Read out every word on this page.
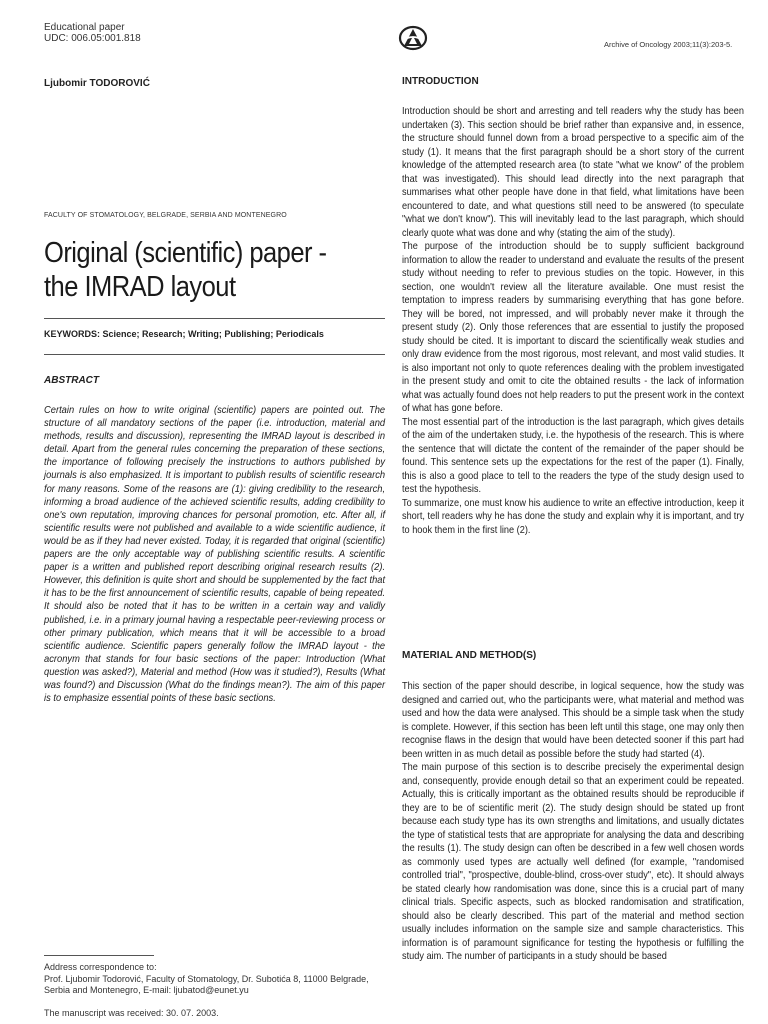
Educational paper
UDC: 006.05:001.818
Archive of Oncology 2003;11(3):203-5.
Ljubomir TODOROVIĆ
FACULTY OF STOMATOLOGY, BELGRADE, SERBIA AND MONTENEGRO
Original (scientific) paper - the IMRAD layout
KEYWORDS: Science; Research; Writing; Publishing; Periodicals
ABSTRACT
Certain rules on how to write original (scientific) papers are pointed out. The structure of all mandatory sections of the paper (i.e. introduction, material and methods, results and discussion), representing the IMRAD layout is described in detail. Apart from the general rules concerning the preparation of these sections, the importance of following precisely the instructions to authors published by journals is also emphasized. It is important to publish results of scientific research for many reasons. Some of the reasons are (1): giving credibility to the research, informing a broad audience of the achieved scientific results, adding credibility to one's own reputation, improving chances for personal promotion, etc. After all, if scientific results were not published and available to a wide scientific audience, it would be as if they had never existed. Today, it is regarded that original (scientific) papers are the only acceptable way of publishing scientific results. A scientific paper is a written and published report describing original research results (2). However, this definition is quite short and should be supplemented by the fact that it has to be the first announcement of scientific results, capable of being repeated. It should also be noted that it has to be written in a certain way and validly published, i.e. in a primary journal having a respectable peer-reviewing process or other primary publication, which means that it will be accessible to a broad scientific audience. Scientific papers generally follow the IMRAD layout - the acronym that stands for four basic sections of the paper: Introduction (What question was asked?), Material and method (How was it studied?), Results (What was found?) and Discussion (What do the findings mean?). The aim of this paper is to emphasize essential points of these basic sections.
Address correspondence to:
Prof. Ljubomir Todorović, Faculty of Stomatology, Dr. Subotića 8, 11000 Belgrade, Serbia and Montenegro, E-mail: ljubatod@eunet.yu
The manuscript was received: 30. 07. 2003.
INTRODUCTION

Introduction should be short and arresting and tell readers why the study has been undertaken (3). This section should be brief rather than expansive and, in essence, the structure should funnel down from a broad perspective to a specific aim of the study (1). It means that the first paragraph should be a short story of the current knowledge of the attempted research area (to state "what we know" of the problem that was investigated). This should lead directly into the next paragraph that summarises what other people have done in that field, what limitations have been encountered to date, and what questions still need to be answered (to speculate "what we don't know"). This will inevitably lead to the last paragraph, which should clearly quote what was done and why (stating the aim of the study).

The purpose of the introduction should be to supply sufficient background information to allow the reader to understand and evaluate the results of the present study without needing to refer to previous studies on the topic. However, in this section, one wouldn't review all the literature available. One must resist the temptation to impress readers by summarising everything that has gone before. They will be bored, not impressed, and will probably never make it through the present study (2). Only those references that are essential to justify the proposed study should be cited. It is important to discard the scientifically weak studies and only draw evidence from the most rigorous, most relevant, and most valid studies. It is also important not only to quote references dealing with the problem investigated in the present study and omit to cite the obtained results - the lack of information what was actually found does not help readers to put the present work in the context of what has gone before.

The most essential part of the introduction is the last paragraph, which gives details of the aim of the undertaken study, i.e. the hypothesis of the research. This is where the sentence that will dictate the content of the remainder of the paper should be found. This sentence sets up the expectations for the rest of the paper (1). Finally, this is also a good place to tell to the readers the type of the study design used to test the hypothesis.

To summarize, one must know his audience to write an effective introduction, keep it short, tell readers why he has done the study and explain why it is important, and try to hook them in the first line (2).

MATERIAL AND METHOD(S)

This section of the paper should describe, in logical sequence, how the study was designed and carried out, who the participants were, what material and method was used and how the data were analysed. This should be a simple task when the study is complete. However, if this section has been left until this stage, one may only then recognise flaws in the design that would have been detected sooner if this part had been written in as much detail as possible before the study had started (4).

The main purpose of this section is to describe precisely the experimental design and, consequently, provide enough detail so that an experiment could be repeated. Actually, this is critically important as the obtained results should be reproducible if they are to be of scientific merit (2). The study design should be stated up front because each study type has its own strengths and limitations, and usually dictates the type of statistical tests that are appropriate for analysing the data and describing the results (1). The study design can often be described in a few well chosen words as commonly used types are actually well defined (for example, "randomised controlled trial", "prospective, double-blind, cross-over study", etc). It should always be stated clearly how randomisation was done, since this is a crucial part of many clinical trials. Specific aspects, such as blocked randomisation and stratification, should also be clearly described. This part of the material and method section usually includes information on the sample size and sample characteristics. This information is of paramount significance for testing the hypothesis or fulfilling the study aim. The number of participants in a study should be based
